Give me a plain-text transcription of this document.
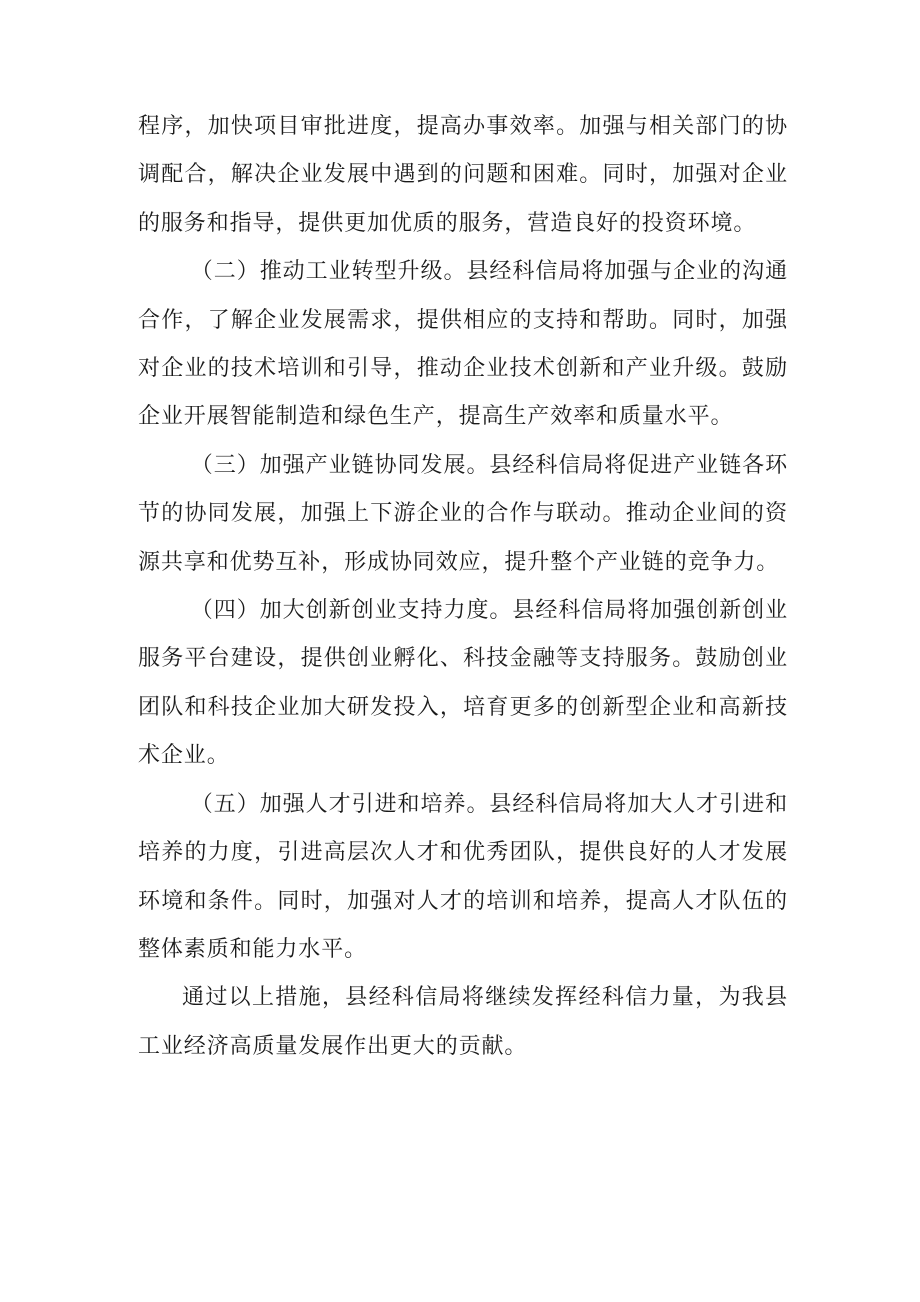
程序，加快项目审批进度，提高办事效率。加强与相关部门的协调配合，解决企业发展中遇到的问题和困难。同时，加强对企业的服务和指导，提供更加优质的服务，营造良好的投资环境。

（二）推动工业转型升级。县经科信局将加强与企业的沟通合作，了解企业发展需求，提供相应的支持和帮助。同时，加强对企业的技术培训和引导，推动企业技术创新和产业升级。鼓励企业开展智能制造和绿色生产，提高生产效率和质量水平。

（三）加强产业链协同发展。县经科信局将促进产业链各环节的协同发展，加强上下游企业的合作与联动。推动企业间的资源共享和优势互补，形成协同效应，提升整个产业链的竞争力。

（四）加大创新创业支持力度。县经科信局将加强创新创业服务平台建设，提供创业孵化、科技金融等支持服务。鼓励创业团队和科技企业加大研发投入，培育更多的创新型企业和高新技术企业。

（五）加强人才引进和培养。县经科信局将加大人才引进和培养的力度，引进高层次人才和优秀团队，提供良好的人才发展环境和条件。同时，加强对人才的培训和培养，提高人才队伍的整体素质和能力水平。

通过以上措施，县经科信局将继续发挥经科信力量，为我县工业经济高质量发展作出更大的贡献。
